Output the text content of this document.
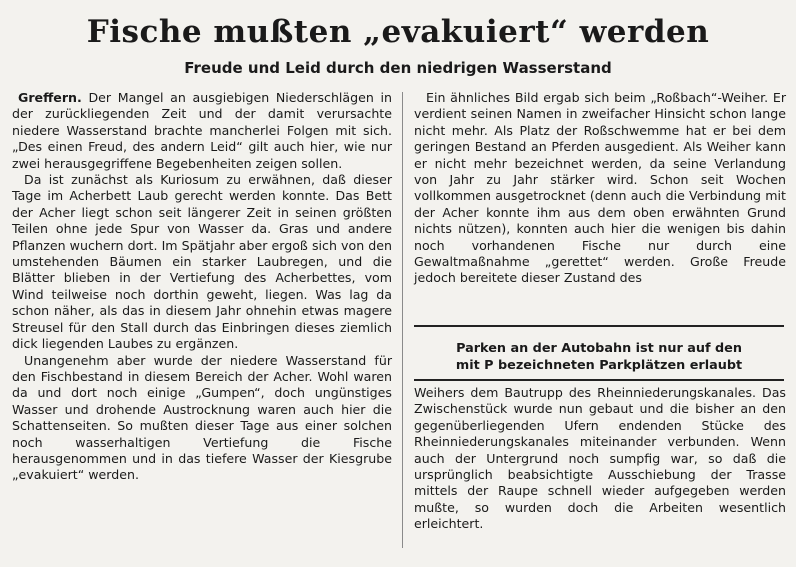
Fische mußten „evakuiert“ werden
Freude und Leid durch den niedrigen Wasserstand

Greffern. Der Mangel an ausgiebigen Niederschlägen in der zurückliegenden Zeit und der damit verursachte niedere Wasserstand brachte mancherlei Folgen mit sich. „Des einen Freud, des andern Leid“ gilt auch hier, wie nur zwei herausgegriffene Begebenheiten zeigen sollen.

Da ist zunächst als Kuriosum zu erwähnen, daß dieser Tage im Acherbett Laub gerecht werden konnte. Das Bett der Acher liegt schon seit längerer Zeit in seinen größten Teilen ohne jede Spur von Wasser da. Gras und andere Pflanzen wuchern dort. Im Spätjahr aber ergoß sich von den umstehenden Bäumen ein starker Laubregen, und die Blätter blieben in der Vertiefung des Acherbettes, vom Wind teilweise noch dorthin geweht, liegen. Was lag da schon näher, als das in diesem Jahr ohnehin etwas magere Streusel für den Stall durch das Einbringen dieses ziemlich dick liegenden Laubes zu ergänzen.

Unangenehm aber wurde der niedere Wasserstand für den Fischbestand in diesem Bereich der Acher. Wohl waren da und dort noch einige „Gumpen“, doch ungünstiges Wasser und drohende Austrocknung waren auch hier die Schattenseiten. So mußten dieser Tage aus einer solchen noch wasserhaltigen Vertiefung die Fische herausgenommen und in das tiefere Wasser der Kiesgrube „evakuiert“ werden.

Ein ähnliches Bild ergab sich beim „Roßbach“-Weiher. Er verdient seinen Namen in zweifacher Hinsicht schon lange nicht mehr. Als Platz der Roßschwemme hat er bei dem geringen Bestand an Pferden ausgedient. Als Weiher kann er nicht mehr bezeichnet werden, da seine Verlandung von Jahr zu Jahr stärker wird. Schon seit Wochen vollkommen ausgetrocknet (denn auch die Verbindung mit der Acher konnte ihm aus dem oben erwähnten Grund nichts nützen), konnten auch hier die wenigen bis dahin noch vorhandenen Fische nur durch eine Gewaltmaßnahme „gerettet“ werden. Große Freude jedoch bereitete dieser Zustand des

Parken an der Autobahn ist nur auf den
mit P bezeichneten Parkplätzen erlaubt

Weihers dem Bautrupp des Rheinniederungskanales. Das Zwischenstück wurde nun gebaut und die bisher an den gegenüberliegenden Ufern endenden Stücke des Rheinniederungskanales miteinander verbunden. Wenn auch der Untergrund noch sumpfig war, so daß die ursprünglich beabsichtigte Ausschiebung der Trasse mittels der Raupe schnell wieder aufgegeben werden mußte, so wurden doch die Arbeiten wesentlich erleichtert.
